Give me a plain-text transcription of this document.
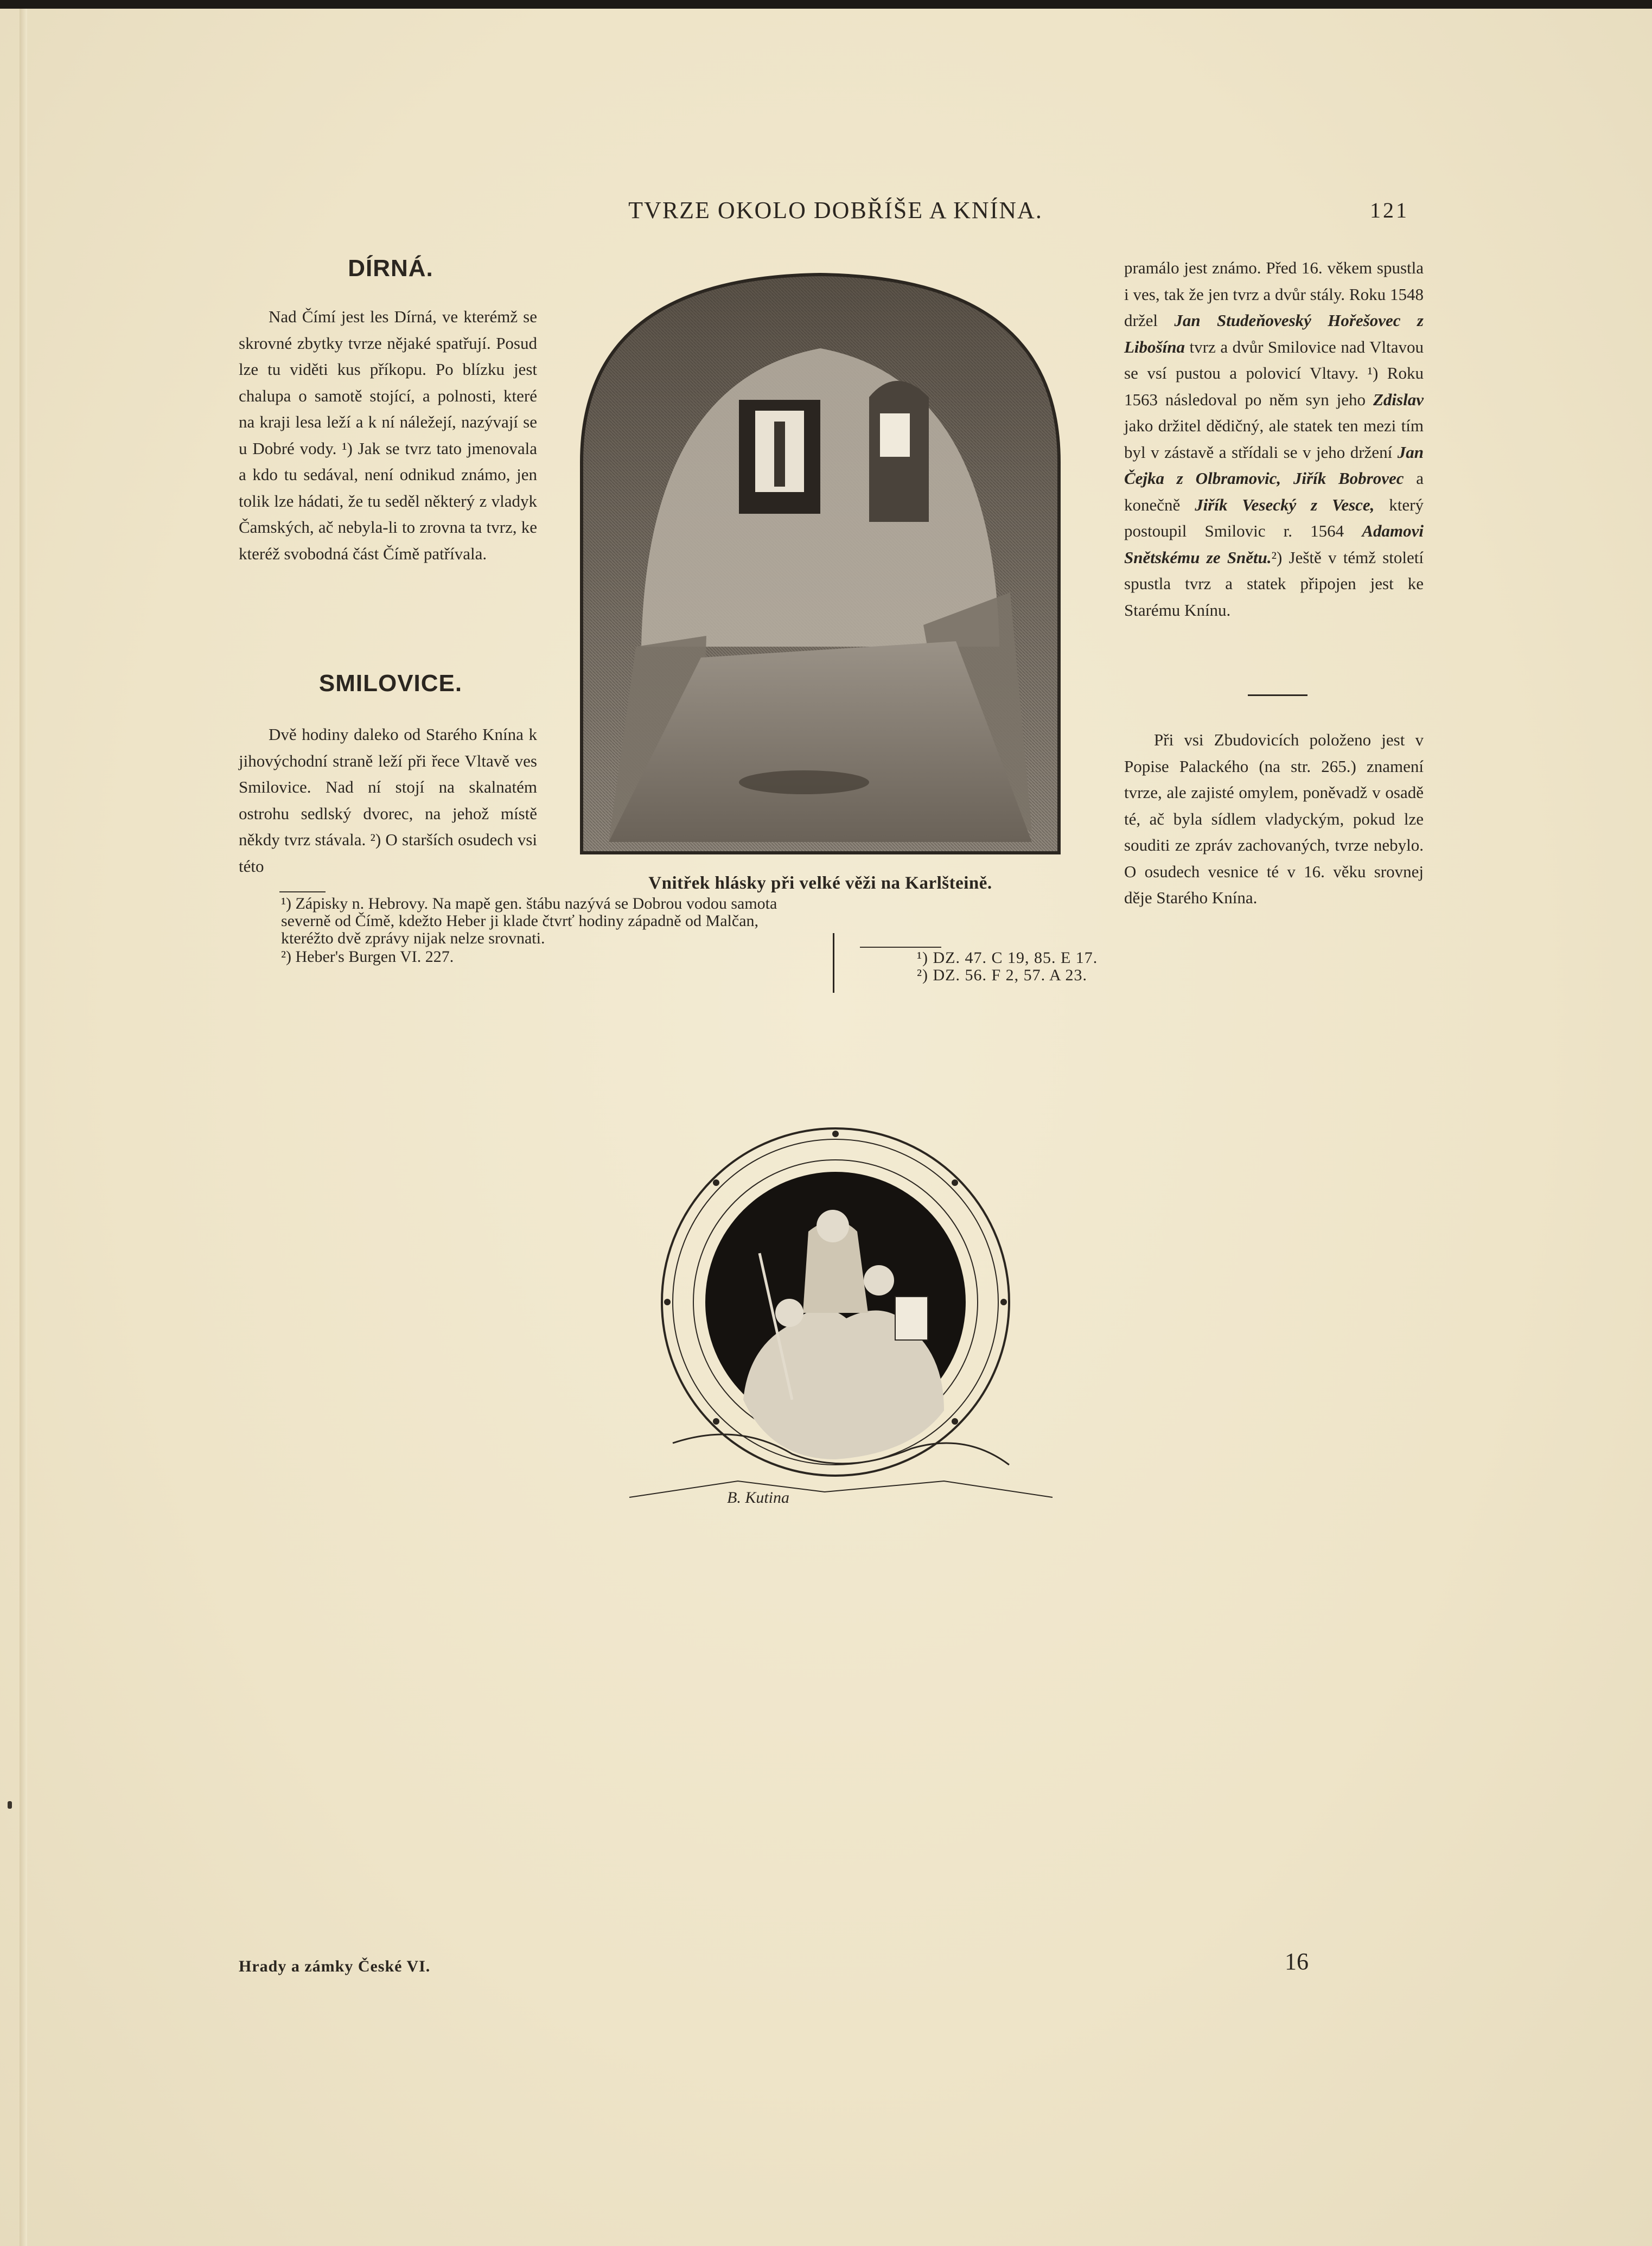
TVRZE OKOLO DOBŘÍŠE A KNÍNA.	121
DÍRNÁ.

Nad Čímí jest les Dírná, ve kterémž se skrovné zbytky tvrze nějaké spatřují. Posud lze tu viděti kus příkopu. Po blízku jest chalupa o samotě stojící, a polnosti, které na kraji lesa leží a k ní náležejí, nazývají se u Dobré vody. ¹) Jak se tvrz tato jmenovala a kdo tu sedával, není odnikud známo, jen tolik lze hádati, že tu seděl některý z vladyk Čamských, ač nebyla-li to zrovna ta tvrz, ke kteréž svobodná část Čímě patřívala.

SMILOVICE.

Dvě hodiny daleko od Starého Knína k jihovýchodní straně leží při řece Vltavě ves Smilovice. Nad ní stojí na skalnatém ostrohu sedlský dvorec, na jehož místě někdy tvrz stávala. ²) O starších osudech vsi této

Vnitřek hlásky při velké věži na Karlšteině.

pramálo jest známo. Před 16. věkem spustla i ves, tak že jen tvrz a dvůr stály. Roku 1548 držel Jan Studeňoveský Hořešovec z Libošína tvrz a dvůr Smilovice nad Vltavou se vsí pustou a polovicí Vltavy. ¹) Roku 1563 následoval po něm syn jeho Zdislav jako držitel dědičný, ale statek ten mezi tím byl v zástavě a střídali se v jeho držení Jan Čejka z Olbramovic, Jiřík Bobrovec a konečně Jiřík Vesecký z Vesce, který postoupil Smilovic r. 1564 Adamovi Snětskému ze Snětu.²) Ještě v témž století spustla tvrz a statek připojen jest ke Starému Knínu.

Při vsi Zbudovicích položeno jest v Popise Palackého (na str. 265.) znamení tvrze, ale zajisté omylem, poněvadž v osadě té, ač byla sídlem vladyckým, pokud lze souditi ze zpráv zachovaných, tvrze nebylo. O osudech vesnice té v 16. věku srovnej děje Starého Knína.

¹) Zápisky n. Hebrovy. Na mapě gen. štábu nazývá se Dobrou vodou samota severně od Čímě, kdežto Heber ji klade čtvrť hodiny západně od Malčan, kteréžto dvě zprávy nijak nelze srovnati.
²) Heber's Burgen VI. 227.	¹) DZ. 47. C 19, 85. E 17.
²) DZ. 56. F 2, 57. A 23.
B. Kutina
Hrady a zámky České VI.	16
